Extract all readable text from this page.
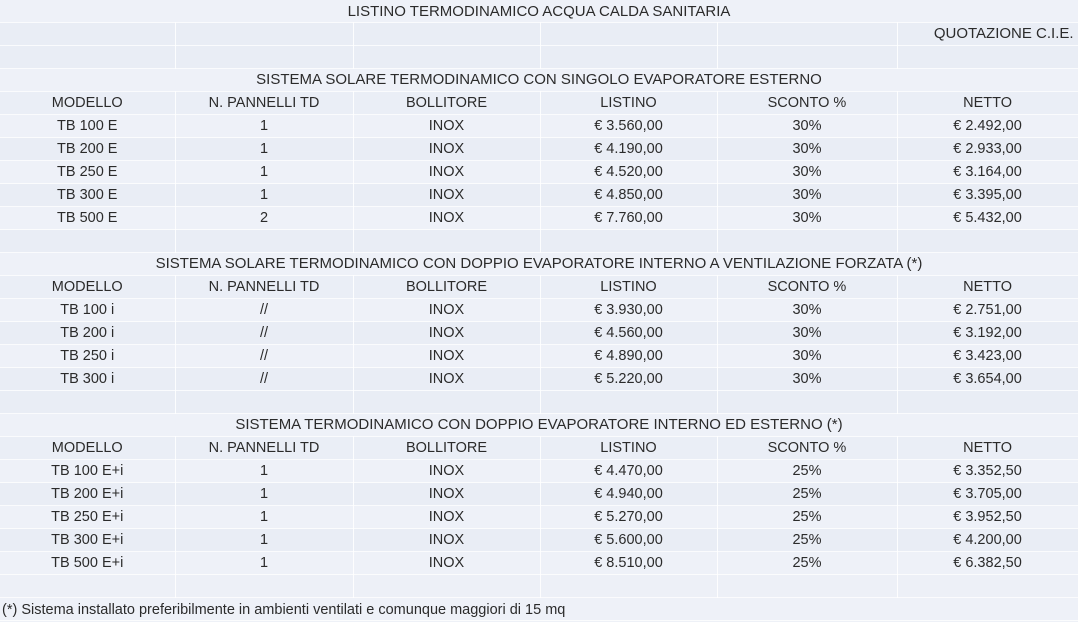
LISTINO TERMODINAMICO ACQUA CALDA SANITARIA					

					QUOTAZIONE C.I.E.

SISTEMA SOLARE TERMODINAMICO CON SINGOLO EVAPORATORE ESTERNO					

MODELLO	N. PANNELLI TD	BOLLITORE	LISTINO	SCONTO %	NETTO
TB 100 E	1	INOX	€ 3.560,00	30%	€ 2.492,00
TB 200 E	1	INOX	€ 4.190,00	30%	€ 2.933,00
TB 250 E	1	INOX	€ 4.520,00	30%	€ 3.164,00
TB 300 E	1	INOX	€ 4.850,00	30%	€ 3.395,00
TB 500 E	2	INOX	€ 7.760,00	30%	€ 5.432,00

SISTEMA SOLARE TERMODINAMICO CON DOPPIO EVAPORATORE INTERNO A VENTILAZIONE FORZATA (*)					

MODELLO	N. PANNELLI TD	BOLLITORE	LISTINO	SCONTO %	NETTO
TB 100 i	//	INOX	€ 3.930,00	30%	€ 2.751,00
TB 200 i	//	INOX	€ 4.560,00	30%	€ 3.192,00
TB 250 i	//	INOX	€ 4.890,00	30%	€ 3.423,00
TB 300 i	//	INOX	€ 5.220,00	30%	€ 3.654,00

SISTEMA TERMODINAMICO CON DOPPIO EVAPORATORE INTERNO ED ESTERNO (*)					

MODELLO	N. PANNELLI TD	BOLLITORE	LISTINO	SCONTO %	NETTO
TB 100 E+i	1	INOX	€ 4.470,00	25%	€ 3.352,50
TB 200 E+i	1	INOX	€ 4.940,00	25%	€ 3.705,00
TB 250 E+i	1	INOX	€ 5.270,00	25%	€ 3.952,50
TB 300 E+i	1	INOX	€ 5.600,00	25%	€ 4.200,00
TB 500 E+i	1	INOX	€ 8.510,00	25%	€ 6.382,50

(*) Sistema installato preferibilmente in ambienti ventilati e comunque maggiori di 15 mq					
